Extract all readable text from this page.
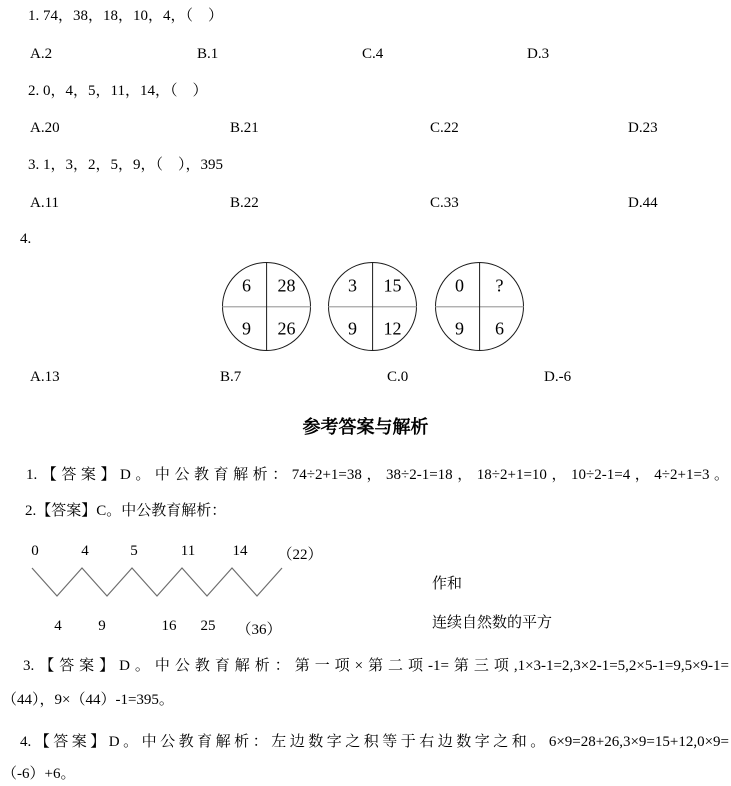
1. 74，38，18，10，4，（　）
A.2	B.1	C.4	D.3
2. 0，4，5，11，14，（　）
A.20	B.21	C.22	D.23
3. 1，3，2，5，9，（　），395
A.11	B.22	C.33	D.44
4.
6 28
9 26
3 15
9 12
0 ?
9 6
A.13	B.7	C.0	D.-6
参考答案与解析
1.【答案】D。中公教育解析：74÷2+1=38，38÷2-1=18，18÷2+1=10，10÷2-1=4，4÷2+1=3。
2.【答案】C。中公教育解析：
0	4	5	11 14 （22）
4 9	16 25 （36）
作和
连续自然数的平方
3.【答案】D。中公教育解析：第一项×第二项-1=第三项,1×3-1=2,3×2-1=5,2×5-1=9,5×9-1=
（44），9×（44）-1=395。
4.【答案】D。中公教育解析：左边数字之积等于右边数字之和。6×9=28+26,3×9=15+12,0×9=
（-6）+6。
